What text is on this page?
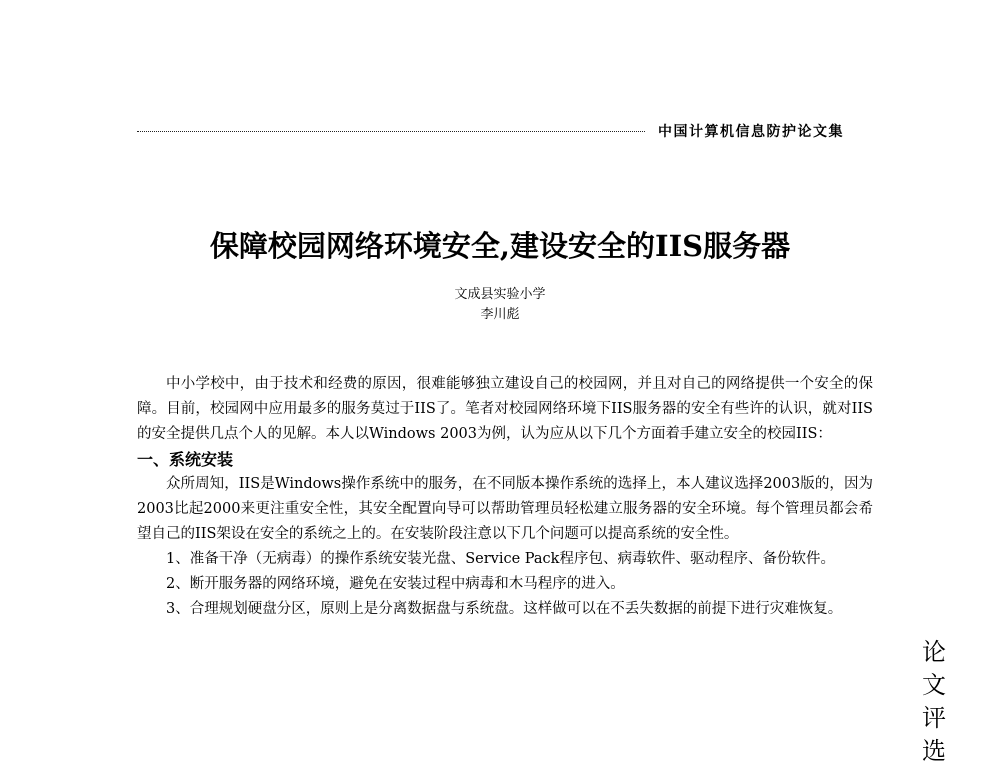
中国计算机信息防护论文集
保障校园网络环境安全,建设安全的IIS服务器
文成县实验小学
李川彪

中小学校中，由于技术和经费的原因，很难能够独立建设自己的校园网，并且对自己的网络提供一个安全的保障。目前，校园网中应用最多的服务莫过于IIS了。笔者对校园网络环境下IIS服务器的安全有些许的认识，就对IIS的安全提供几点个人的见解。本人以Windows 2003为例，认为应从以下几个方面着手建立安全的校园IIS：

一、系统安装

众所周知，IIS是Windows操作系统中的服务，在不同版本操作系统的选择上，本人建议选择2003版的，因为2003比起2000来更注重安全性，其安全配置向导可以帮助管理员轻松建立服务器的安全环境。每个管理员都会希望自己的IIS架设在安全的系统之上的。在安装阶段注意以下几个问题可以提高系统的安全性。

1、准备干净（无病毒）的操作系统安装光盘、Service Pack程序包、病毒软件、驱动程序、备份软件。

2、断开服务器的网络环境，避免在安装过程中病毒和木马程序的进入。

3、合理规划硬盘分区，原则上是分离数据盘与系统盘。这样做可以在不丢失数据的前提下进行灾难恢复。

论
文
评
选
